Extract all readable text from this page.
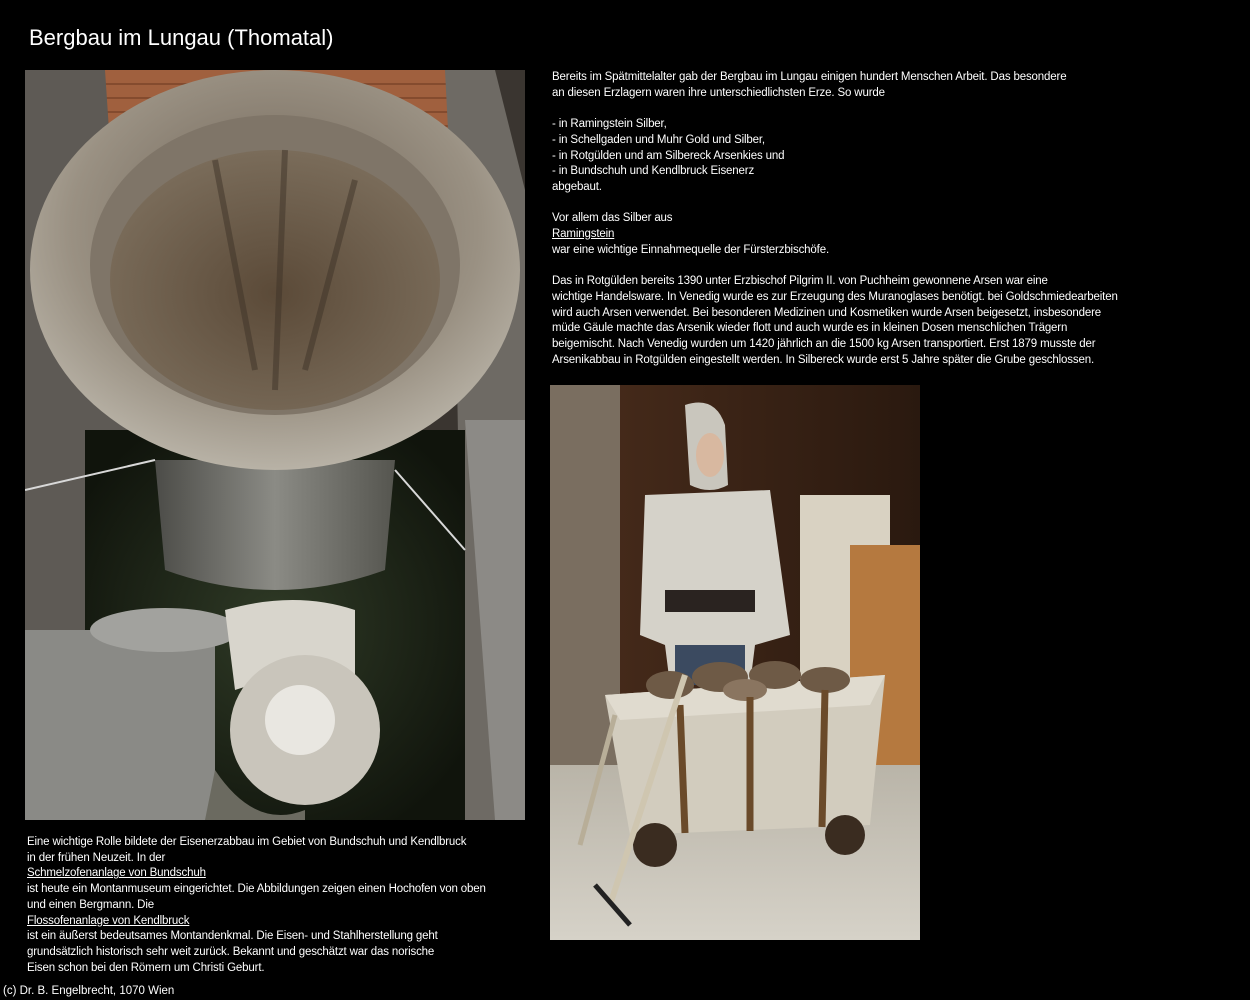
Bergbau im Lungau (Thomatal)
Bereits im Spätmittelalter gab der Bergbau im Lungau einigen hundert Menschen Arbeit. Das besondere
an diesen Erzlagern waren ihre unterschiedlichsten Erze. So wurde
- in Ramingstein Silber,
- in Schellgaden und Muhr Gold und Silber,
- in Rotgülden und am Silbereck Arsenkies und
- in Bundschuh und Kendlbruck Eisenerz
abgebaut.
Vor allem das Silber aus
Ramingstein
war eine wichtige Einnahmequelle der Fürsterzbischöfe.
Das in Rotgülden bereits 1390 unter Erzbischof Pilgrim II. von Puchheim gewonnene Arsen war eine
wichtige Handelsware. In Venedig wurde es zur Erzeugung des Muranoglases benötigt. bei Goldschmiedearbeiten
wird auch Arsen verwendet. Bei besonderen Medizinen und Kosmetiken wurde Arsen beigesetzt, insbesondere
müde Gäule machte das Arsenik wieder flott und auch wurde es in kleinen Dosen menschlichen Trägern
beigemischt. Nach Venedig wurden um 1420 jährlich an die 1500 kg Arsen transportiert. Erst 1879 musste der
Arsenikabbau in Rotgülden eingestellt werden. In Silbereck wurde erst 5 Jahre später die Grube geschlossen.
Eine wichtige Rolle bildete der Eisenerzabbau im Gebiet von Bundschuh und Kendlbruck
in der frühen Neuzeit. In der
Schmelzofenanlage von Bundschuh
ist heute ein Montanmuseum eingerichtet. Die Abbildungen zeigen einen Hochofen von oben
und einen Bergmann. Die
Flossofenanlage von Kendlbruck
ist ein äußerst bedeutsames Montandenkmal. Die Eisen- und Stahlherstellung geht
grundsätzlich historisch sehr weit zurück. Bekannt und geschätzt war das norische
Eisen schon bei den Römern um Christi Geburt.
(c) Dr. B. Engelbrecht, 1070 Wien
